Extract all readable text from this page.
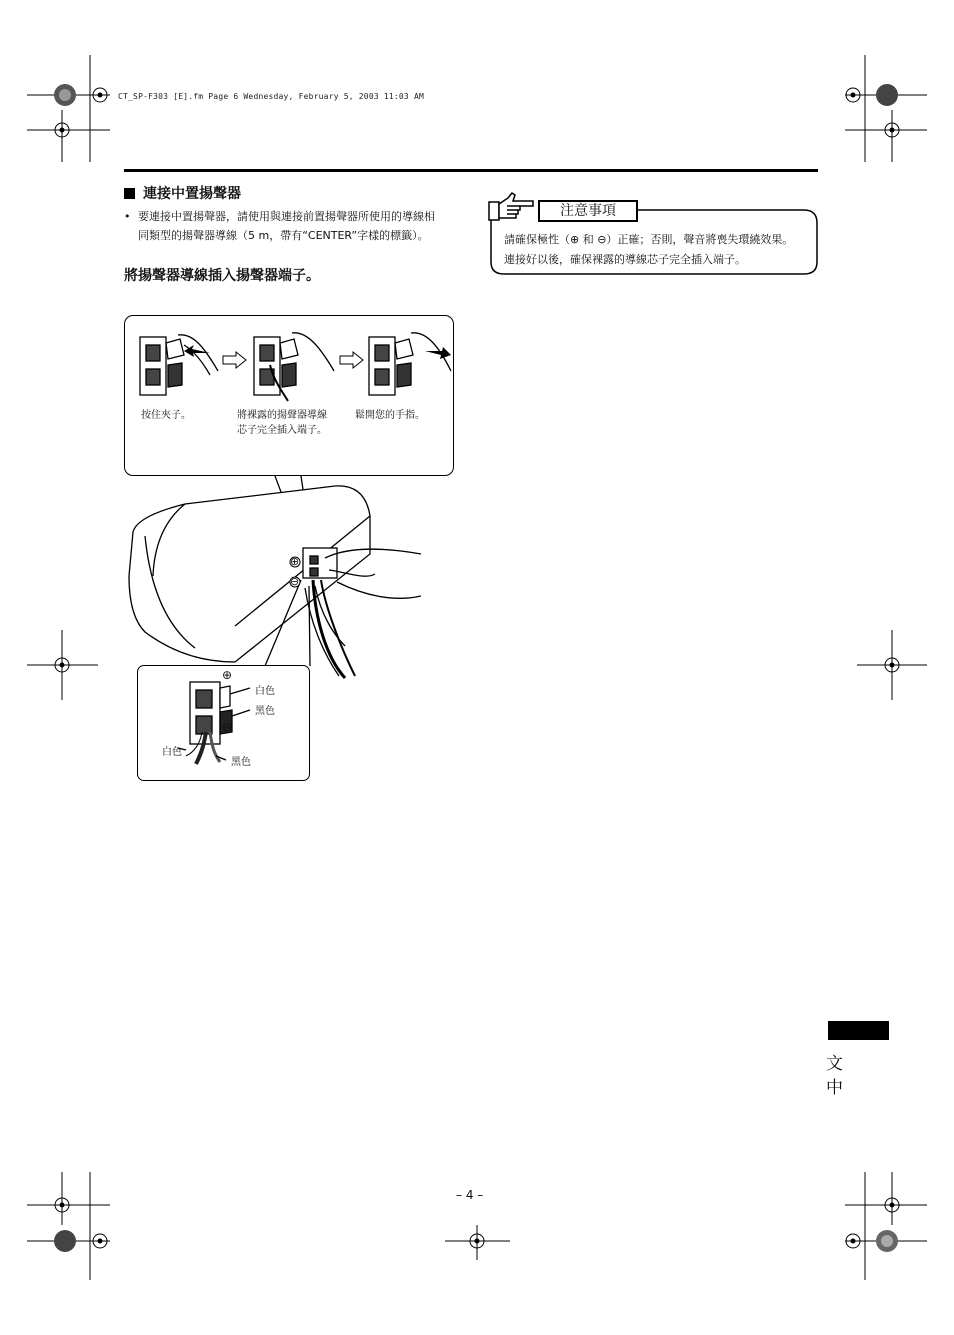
CT_SP-F303 [E].fm Page 6 Wednesday, February 5, 2003 11:03 AM
連接中置揚聲器
• 要連接中置揚聲器，請使用與連接前置揚聲器所使用的導線相
同類型的揚聲器導線（5 m，帶有“CENTER”字樣的標籤）。
將揚聲器導線插入揚聲器端子。
注意事項
請確保極性（⊕ 和 ⊖）正確；否則，聲音將喪失環繞效果。
連接好以後，確保裸露的導線芯子完全插入端子。
按住夾子。	將裸露的揚聲器導線
芯子完全插入端子。
鬆開您的手指。
⊕
⊖
⊕
⊖
白色
黑色
白色
黑色
– 4 –
文
中
